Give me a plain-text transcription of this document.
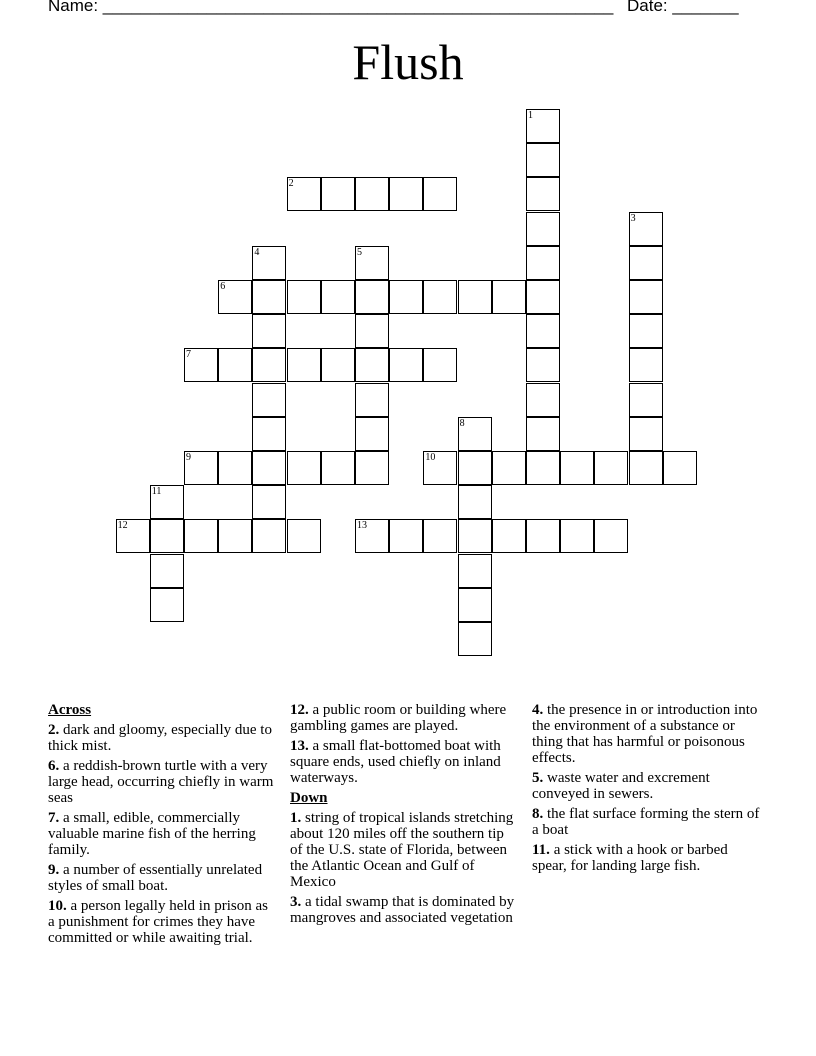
Name: ______________________________________________________

Date: _______

Flush
1
2
3
4	5
6
7
8
9	10
11
12	13
Across
2. dark and gloomy, especially due to thick mist.
6. a reddish-brown turtle with a very large head, occurring chiefly in warm seas
7. a small, edible, commercially valuable marine fish of the herring family.
9. a number of essentially unrelated styles of small boat.
10. a person legally held in prison as a punishment for crimes they have committed or while awaiting trial.
12. a public room or building where gambling games are played.
13. a small flat-bottomed boat with square ends, used chiefly on inland waterways.
Down
1. string of tropical islands stretching about 120 miles off the southern tip of the U.S. state of Florida, between the Atlantic Ocean and Gulf of Mexico
3. a tidal swamp that is dominated by mangroves and associated vegetation
4. the presence in or introduction into the environment of a substance or thing that has harmful or poisonous effects.
5. waste water and excrement conveyed in sewers.
8. the flat surface forming the stern of a boat
11. a stick with a hook or barbed spear, for landing large fish.
